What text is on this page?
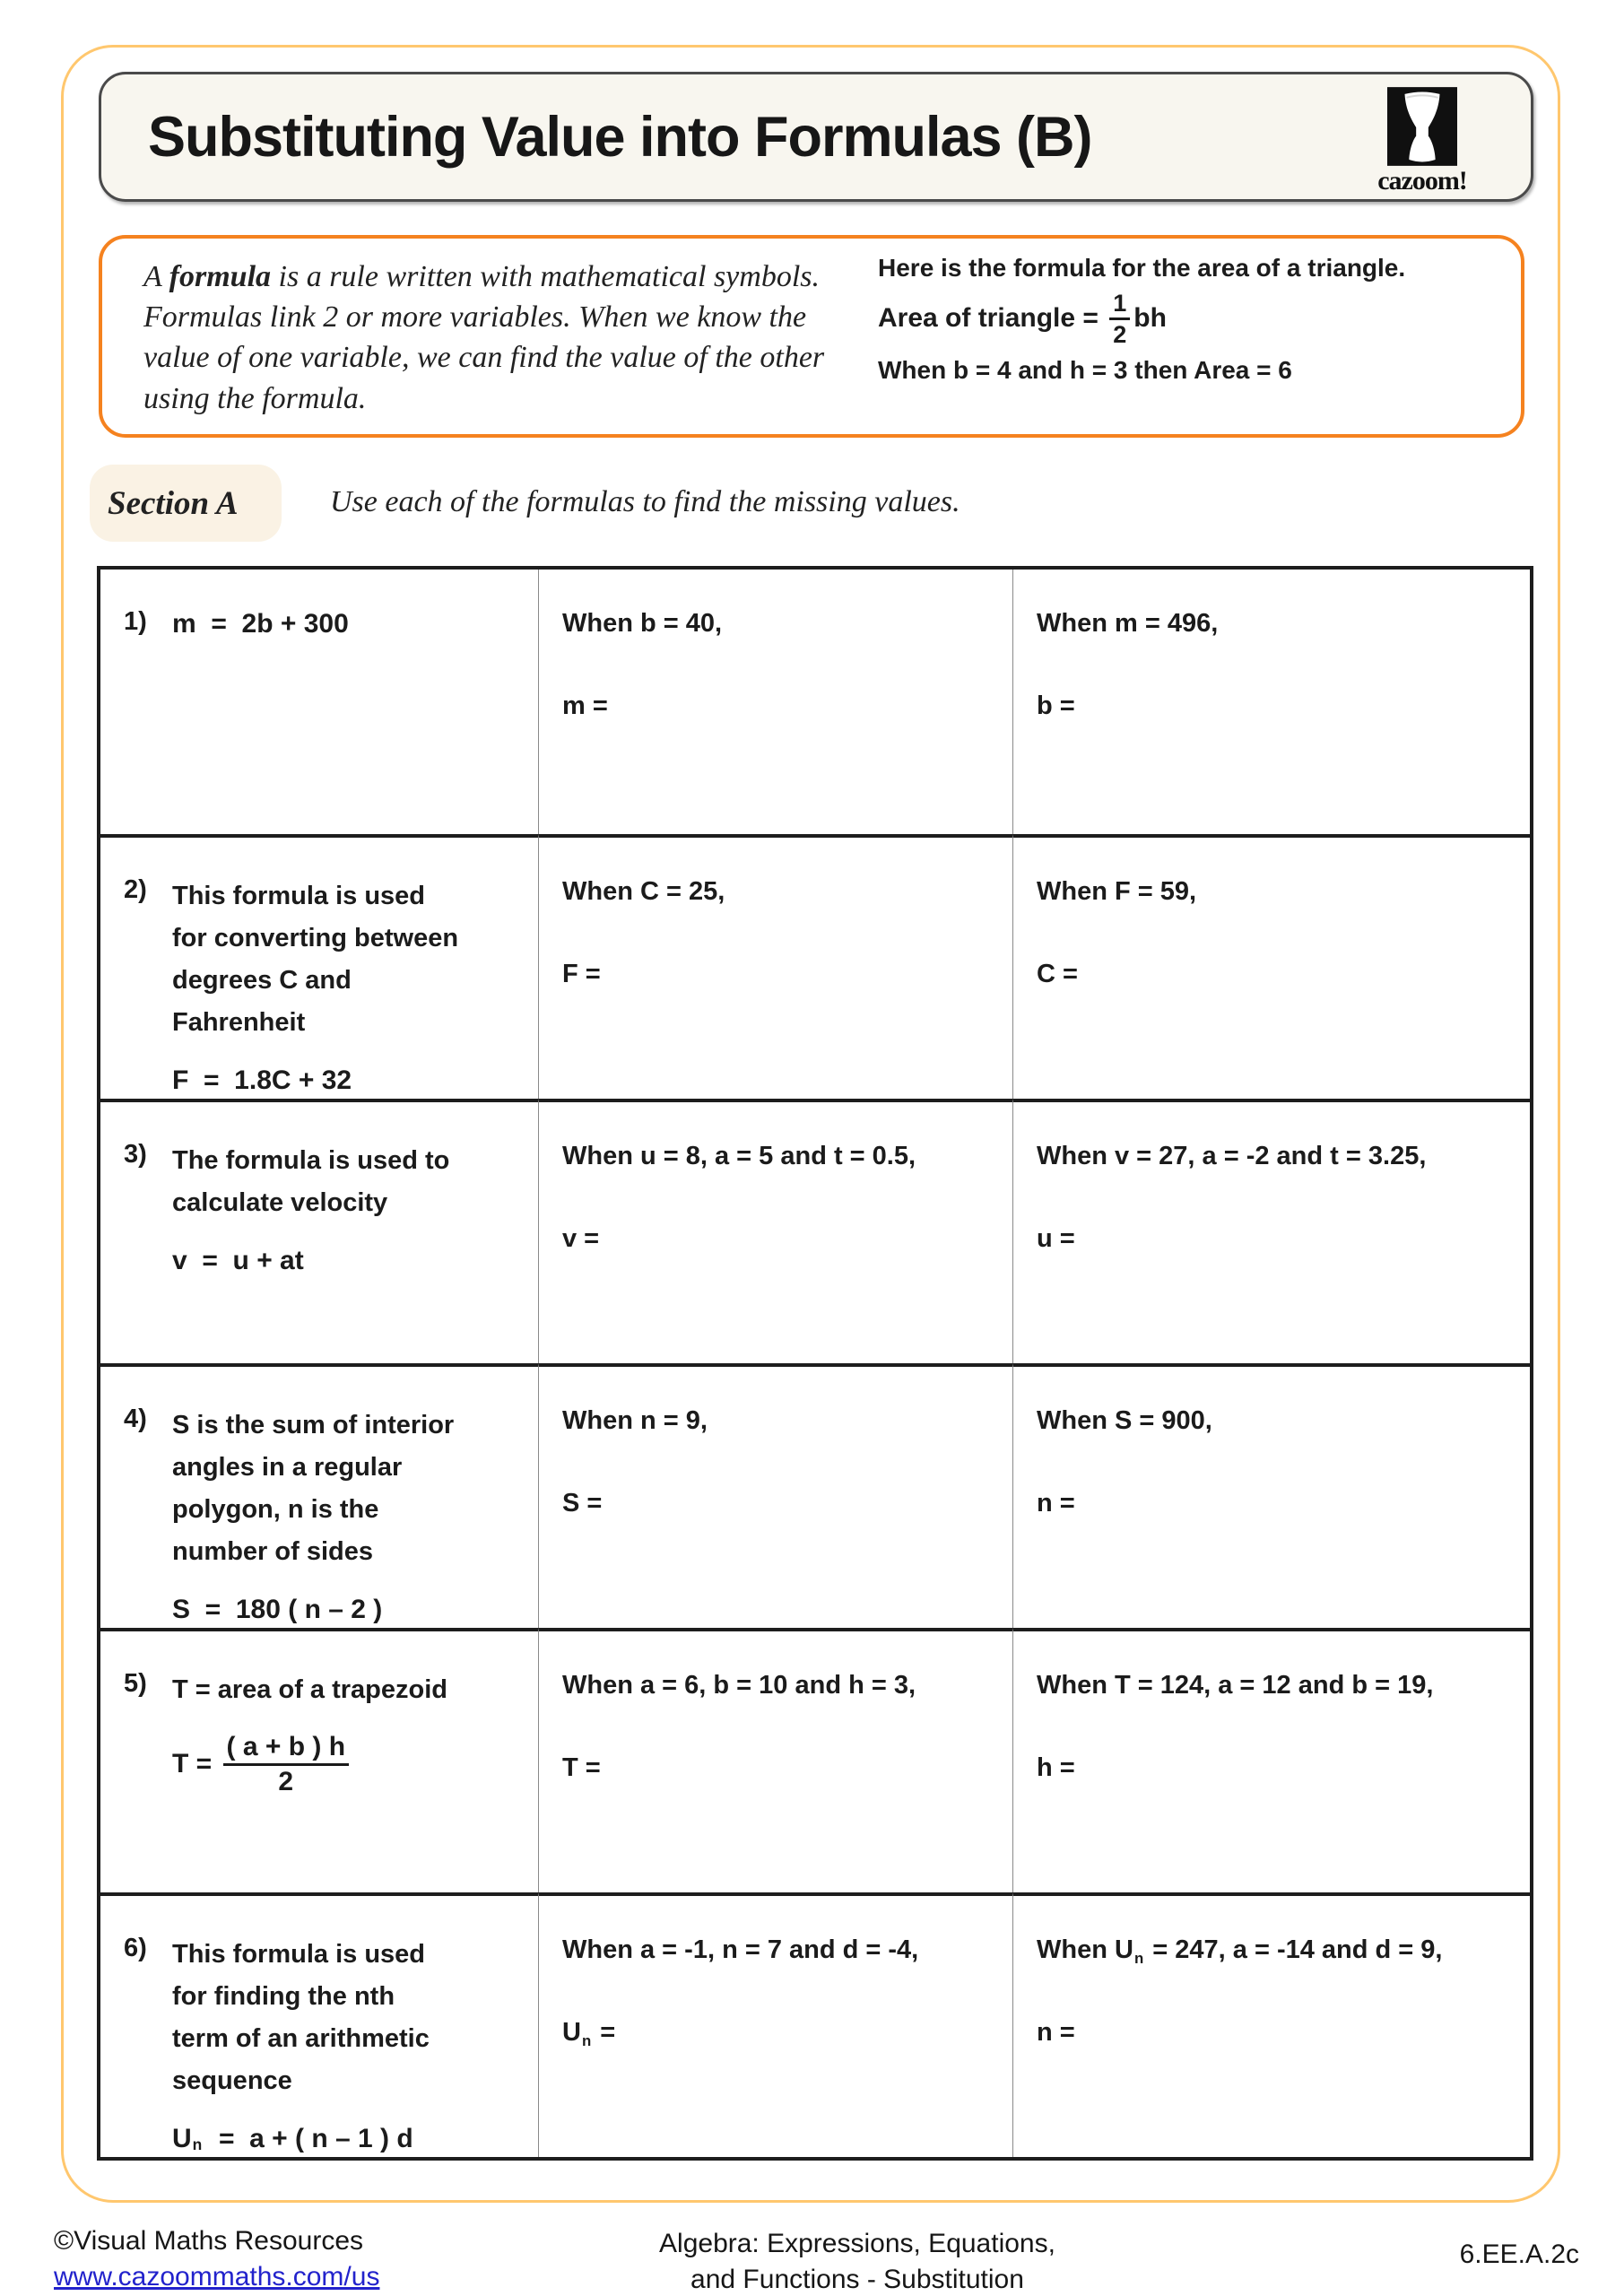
Substituting Value into Formulas (B)
cazoom!

A formula is a rule written with mathematical symbols. Formulas link 2 or more variables. When we know the value of one variable, we can find the value of the other using the formula.

Here is the formula for the area of a triangle.
Area of triangle = $\frac{1}{2}$ bh
When b = 4 and h = 3 then Area = 6
Section A	Use each of the formulas to find the missing values.
1) m  =  2b + 300	When b = 40,
m =
When m = 496,
b =
2) This formula is used
for converting between
degrees C and
Fahrenheit
F  =  1.8C + 32
When C = 25,
F =
When F = 59,
C =
3) The formula is used to
calculate velocity
v  =  u + at
When u = 8, a = 5 and t = 0.5,
v =
When v = 27, a = -2 and t = 3.25,
u =
4) S is the sum of interior
angles in a regular
polygon, n is the
number of sides
S  =  180 ( n – 2 )
When n = 9,
S =
When S = 900,
n =
5) T = area of a trapezoid
$T = \frac{( a + b ) h}{2}$
When a = 6, b = 10 and h = 3,
T =
When T = 124, a = 12 and b = 19,
h =
6) This formula is used
for finding the nth
term of an arithmetic
sequence
U n =  a + ( n – 1 ) d
When a = -1, n = 7 and d = -4,
$U_n$ =
When $U_n = 247$, a = -14 and d = 9,
n =
©Visual Maths Resources
www.cazoommaths.com/us
Algebra: Expressions, Equations,
and Functions - Substitution
6.EE.A.2c
